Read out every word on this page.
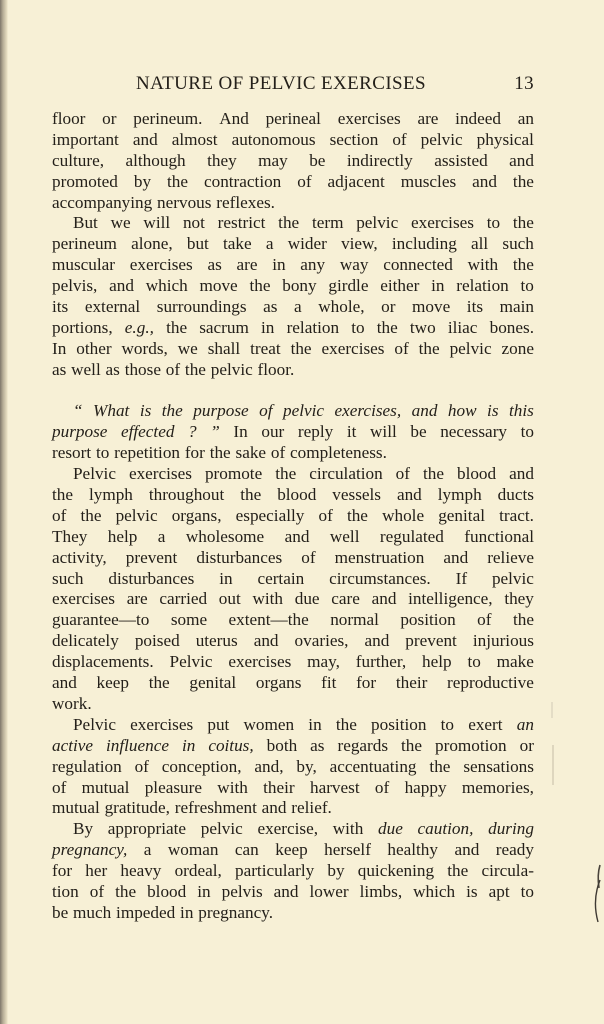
NATURE OF PELVIC EXERCISES	13
floor or perineum. And perineal exercises are indeed an
important and almost autonomous section of pelvic physical
culture, although they may be indirectly assisted and
promoted by the contraction of adjacent muscles and the
accompanying nervous reflexes.
But we will not restrict the term pelvic exercises to the
perineum alone, but take a wider view, including all such
muscular exercises as are in any way connected with the
pelvis, and which move the bony girdle either in relation to
its external surroundings as a whole, or move its main
portions, e.g., the sacrum in relation to the two iliac bones.
In other words, we shall treat the exercises of the pelvic zone
as well as those of the pelvic floor.
“ What is the purpose of pelvic exercises, and how is this
purpose effected ? ” In our reply it will be necessary to
resort to repetition for the sake of completeness.
Pelvic exercises promote the circulation of the blood and
the lymph throughout the blood vessels and lymph ducts
of the pelvic organs, especially of the whole genital tract.
They help a wholesome and well regulated functional
activity, prevent disturbances of menstruation and relieve
such disturbances in certain circumstances. If pelvic
exercises are carried out with due care and intelligence, they
guarantee—to some extent—the normal position of the
delicately poised uterus and ovaries, and prevent injurious
displacements. Pelvic exercises may, further, help to make
and keep the genital organs fit for their reproductive
work.
Pelvic exercises put women in the position to exert an
active influence in coitus, both as regards the promotion or
regulation of conception, and, by, accentuating the sensations
of mutual pleasure with their harvest of happy memories,
mutual gratitude, refreshment and relief.
By appropriate pelvic exercise, with due caution, during
pregnancy, a woman can keep herself healthy and ready
for her heavy ordeal, particularly by quickening the circula-
tion of the blood in pelvis and lower limbs, which is apt to
be much impeded in pregnancy.
